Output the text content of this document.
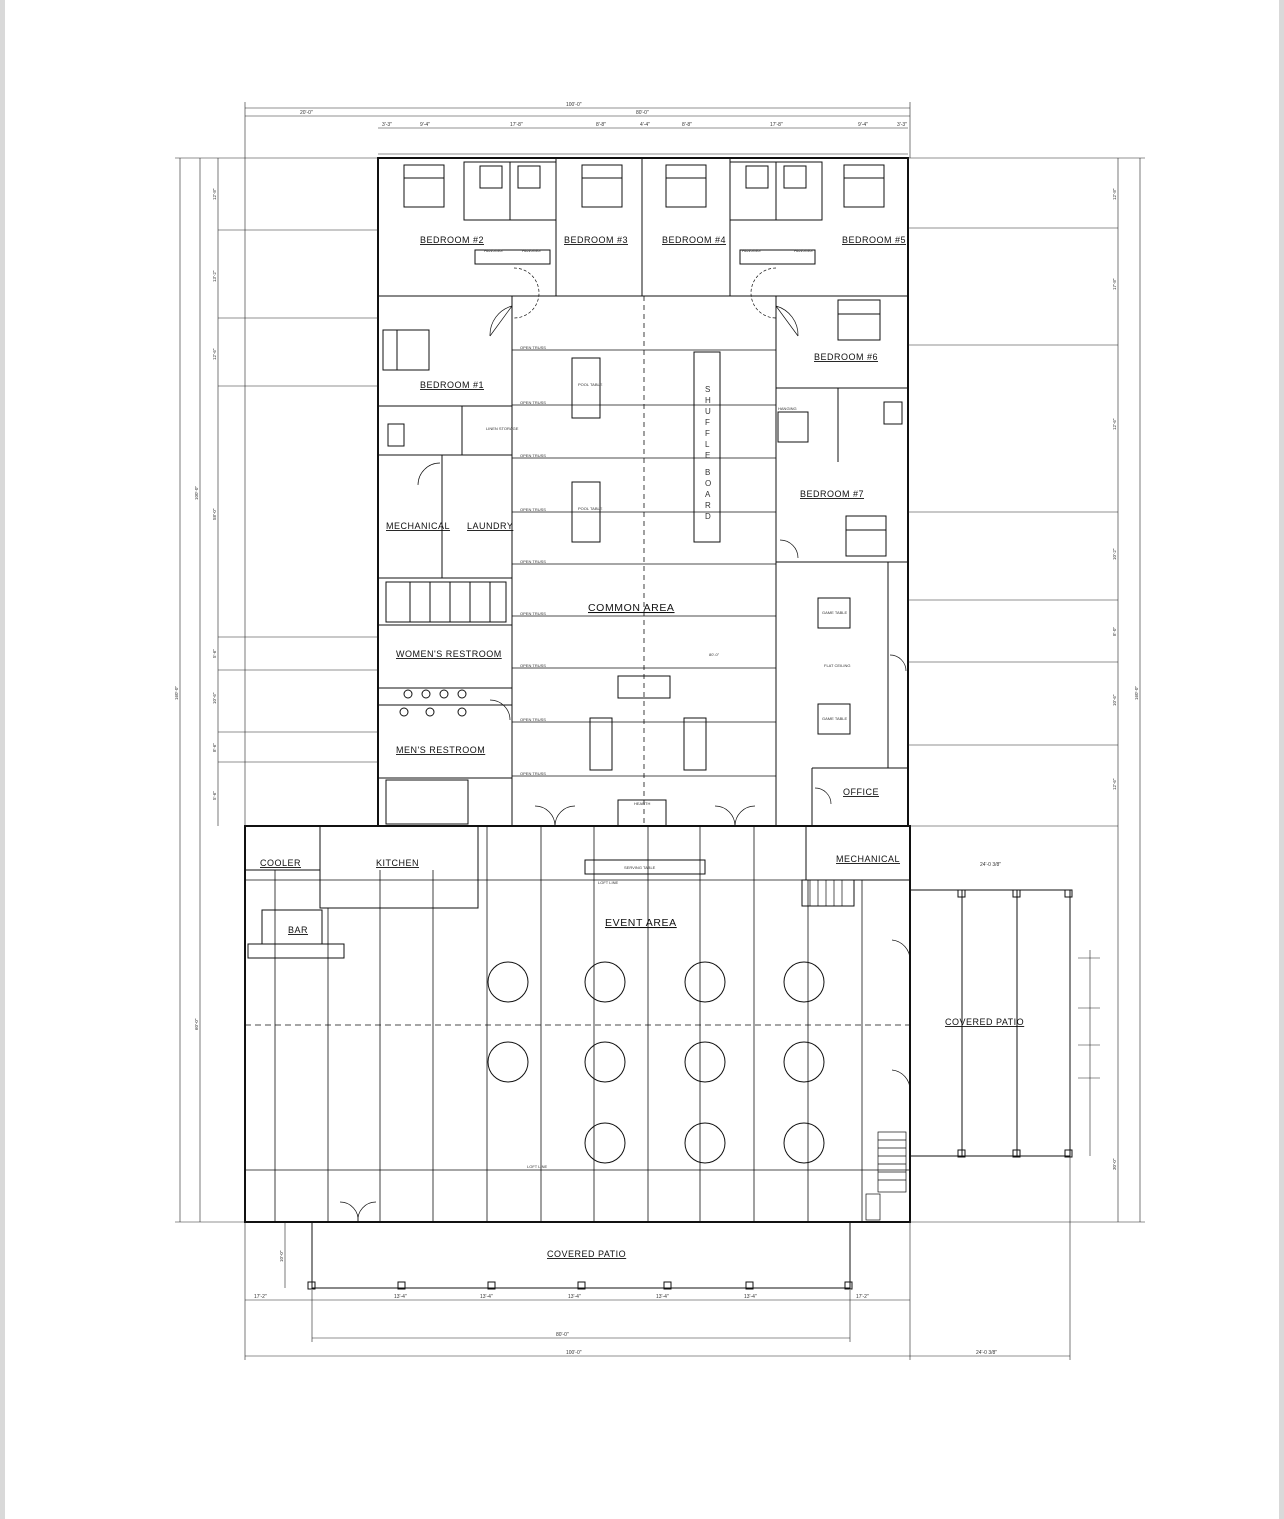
BEDROOM #2	BEDROOM #3	BEDROOM #4	BEDROOM #5
BEDROOM #1
BEDROOM #6
BEDROOM #7
MECHANICAL LAUNDRY
COMMON AREA
WOMEN'S RESTROOM
MEN'S RESTROOM
OFFICE
COOLER	KITCHEN
BAR
EVENT AREA
MECHANICAL
COVERED PATIO
COVERED PATIO
S
H
U
F
F
L
E
B
O
A
R
D
POOL TABLE
POOL TABLE
GAME TABLE
GAME TABLE
OPEN TRUSS
OPEN TRUSS
OPEN TRUSS
OPEN TRUSS
OPEN TRUSS
OPEN TRUSS
OPEN TRUSS
OPEN TRUSS
OPEN TRUSS
HANGING	HANGING	HANGING	HANGING
HANGING
SERVING TABLE
LOFT LINE
LOFT LINE
HEARTH
LINEN STORAGE
FLAT CEILING
80'-0"
100'-0"
80'-0"
20'-0"
3'-3"	9'-4"	17'-8"	8'-8"	4'-4"	8'-8"	17'-8"	9'-4"	3'-3"
80'-0"
100'-0"	24'-0 3/8"
24'-0 3/8"
17'-2"	13'-4"	13'-4"	13'-4"	13'-4"	13'-4"	17'-2"
160'-0"
100'-0"
60'-0"
160'-0"
10'-0"
30'-0"
12'-8"
13'-2"
12'-6"
58'-0"
5'-6"
10'-6"
8'-6"
5'-6"
12'-8"
17'-8"
12'-6"
10'-2"
8'-0"
10'-6"
12'-6"
